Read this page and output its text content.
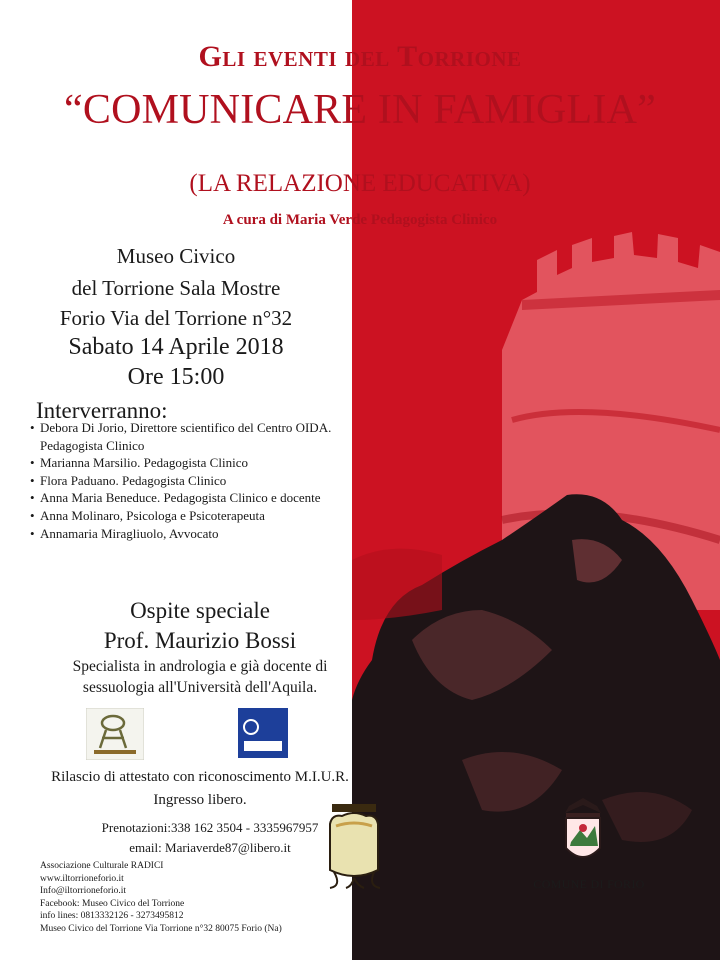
Gli eventi del Torrione

“COMUNICARE IN FAMIGLIA”

(LA RELAZIONE EDUCATIVA)

A cura di Maria Verde Pedagogista Clinico

Museo Civico

del Torrione Sala Mostre

Forio Via del Torrione n°32

Sabato 14 Aprile 2018

Ore 15:00

Interverranno:

• Debora Di Jorio, Direttore scientifico del Centro OIDA. Pedagogista Clinico
• Marianna Marsilio. Pedagogista Clinico
• Flora Paduano. Pedagogista Clinico
• Anna Maria Beneduce. Pedagogista Clinico e docente
• Anna Molinaro, Psicologa e Psicoterapeuta
• Annamaria Miragliuolo, Avvocato

Ospite speciale

Prof. Maurizio Bossi

Specialista in andrologia e già docente di
sessuologia all'Università dell'Aquila.
Rilascio di attestato con riconoscimento M.I.U.R.
Ingresso libero.
Prenotazioni:338 162 3504 - 3335967957
email: Mariaverde87@libero.it
Associazione Culturale RADICI
www.iltorrioneforio.it
Info@iltorrioneforio.it
Facebook: Museo Civico del Torrione
info lines: 0813332126 - 3273495812
Museo Civico del Torrione Via Torrione n°32 80075 Forio (Na)

COMUNE DI FORIO
